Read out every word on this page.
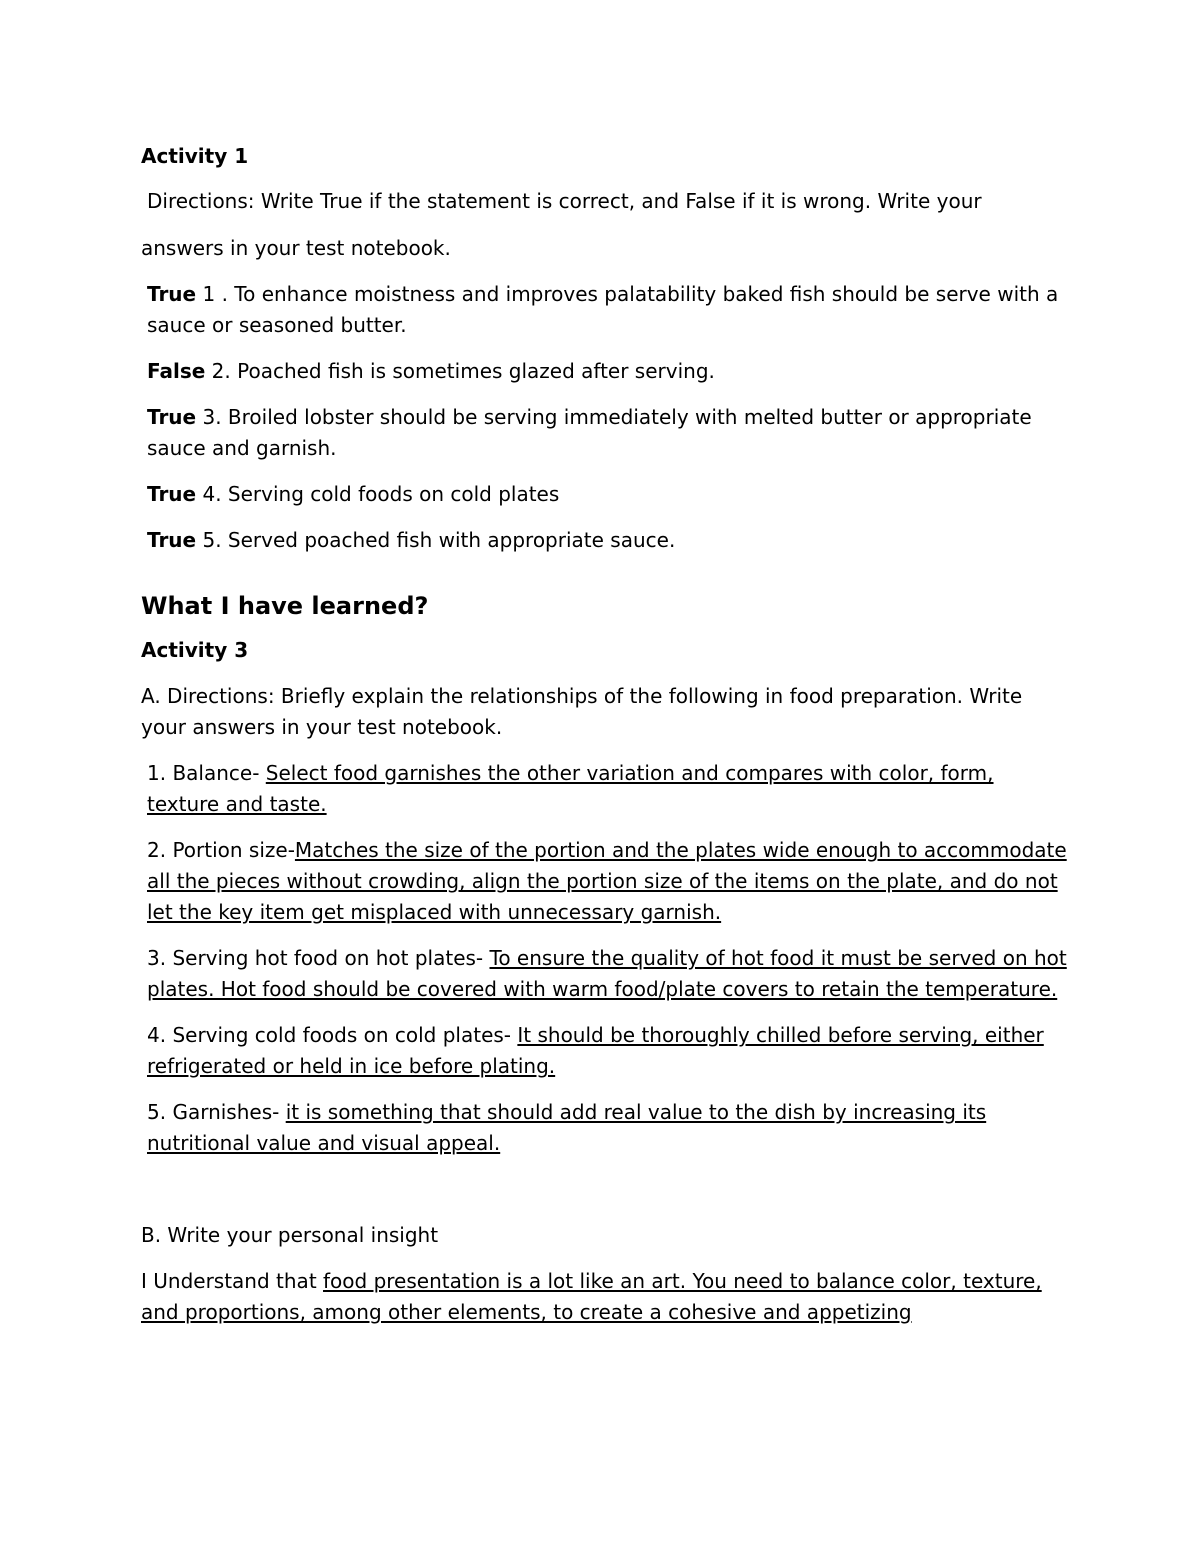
Activity 1

Directions: Write True if the statement is correct, and False if it is wrong. Write your

answers in your test notebook.

True 1 . To enhance moistness and improves palatability baked fish should be serve with a sauce or seasoned butter.

False 2. Poached fish is sometimes glazed after serving.

True 3. Broiled lobster should be serving immediately with melted butter or appropriate sauce and garnish.

True 4. Serving cold foods on cold plates

True 5. Served poached fish with appropriate sauce.

What I have learned?

Activity 3

A. Directions: Briefly explain the relationships of the following in food preparation. Write your answers in your test notebook.

1. Balance- Select food garnishes the other variation and compares with color, form, texture and taste.

2. Portion size-Matches the size of the portion and the plates wide enough to accommodate all the pieces without crowding, align the portion size of the items on the plate, and do not let the key item get misplaced with unnecessary garnish.

3. Serving hot food on hot plates- To ensure the quality of hot food it must be served on hot plates. Hot food should be covered with warm food/plate covers to retain the temperature.

4. Serving cold foods on cold plates- It should be thoroughly chilled before serving, either refrigerated or held in ice before plating.

5. Garnishes- it is something that should add real value to the dish by increasing its nutritional value and visual appeal.

B. Write your personal insight

I Understand that food presentation is a lot like an art. You need to balance color, texture, and proportions, among other elements, to create a cohesive and appetizing
